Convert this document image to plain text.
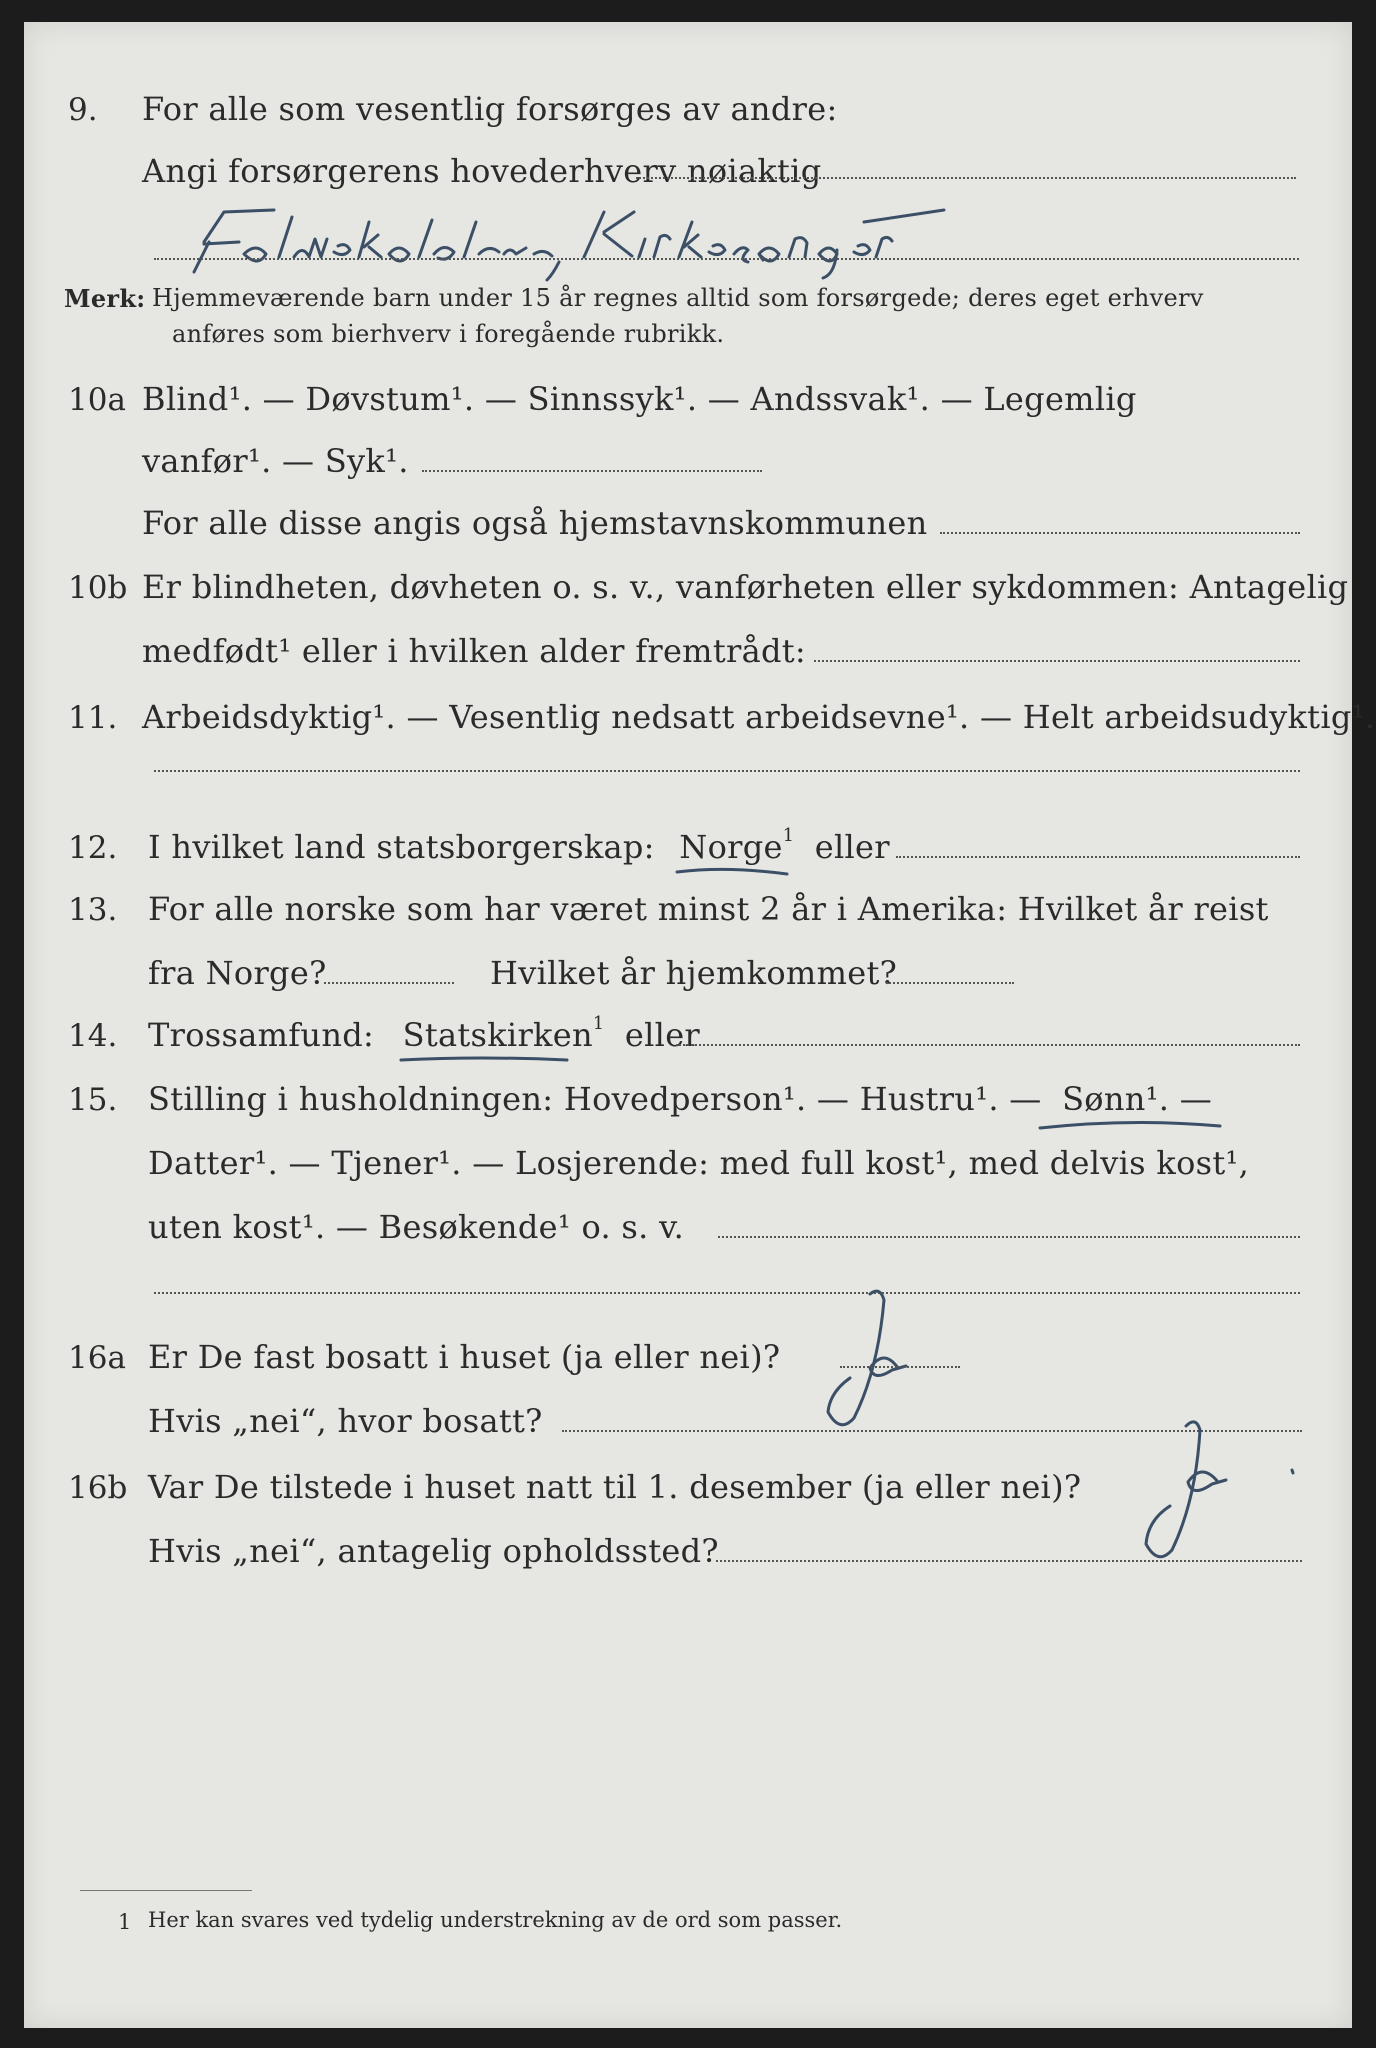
9. For alle som vesentlig forsørges av andre:
Angi forsørgerens hovederhverv nøiaktig
Merk: Hjemmeværende barn under 15 år regnes alltid som forsørgede; deres eget erhverv
anføres som bierhverv i foregående rubrikk.
10a Blind¹. — Døvstum¹. — Sinnssyk¹. — Andssvak¹. — Legemlig
vanfør¹. — Syk¹.
For alle disse angis også hjemstavnskommunen
10b Er blindheten, døvheten o. s. v., vanførheten eller sykdommen: Antagelig
medfødt¹ eller i hvilken alder fremtrådt:
11. Arbeidsdyktig¹. — Vesentlig nedsatt arbeidsevne¹. — Helt arbeidsudyktig¹.
12. I hvilket land statsborgerskap: Norge$^1$ eller
13. For alle norske som har været minst 2 år i Amerika: Hvilket år reist
fra Norge?	Hvilket år hjemkommet?
14. Trossamfund: Statskirken$^1$ eller
15. Stilling i husholdningen: Hovedperson¹. — Hustru¹. — Sønn
¹. —
Datter¹. — Tjener¹. — Losjerende: med full kost¹, med delvis kost¹,
uten kost¹. — Besøkende¹ o. s. v.
16a Er De fast bosatt i huset (ja eller nei)?
Hvis „nei“, hvor bosatt?
16b Var De tilstede i huset natt til 1. desember (ja eller nei)?
Hvis „nei“, antagelig opholdssted?
1 Her kan svares ved tydelig understrekning av de ord som passer.
